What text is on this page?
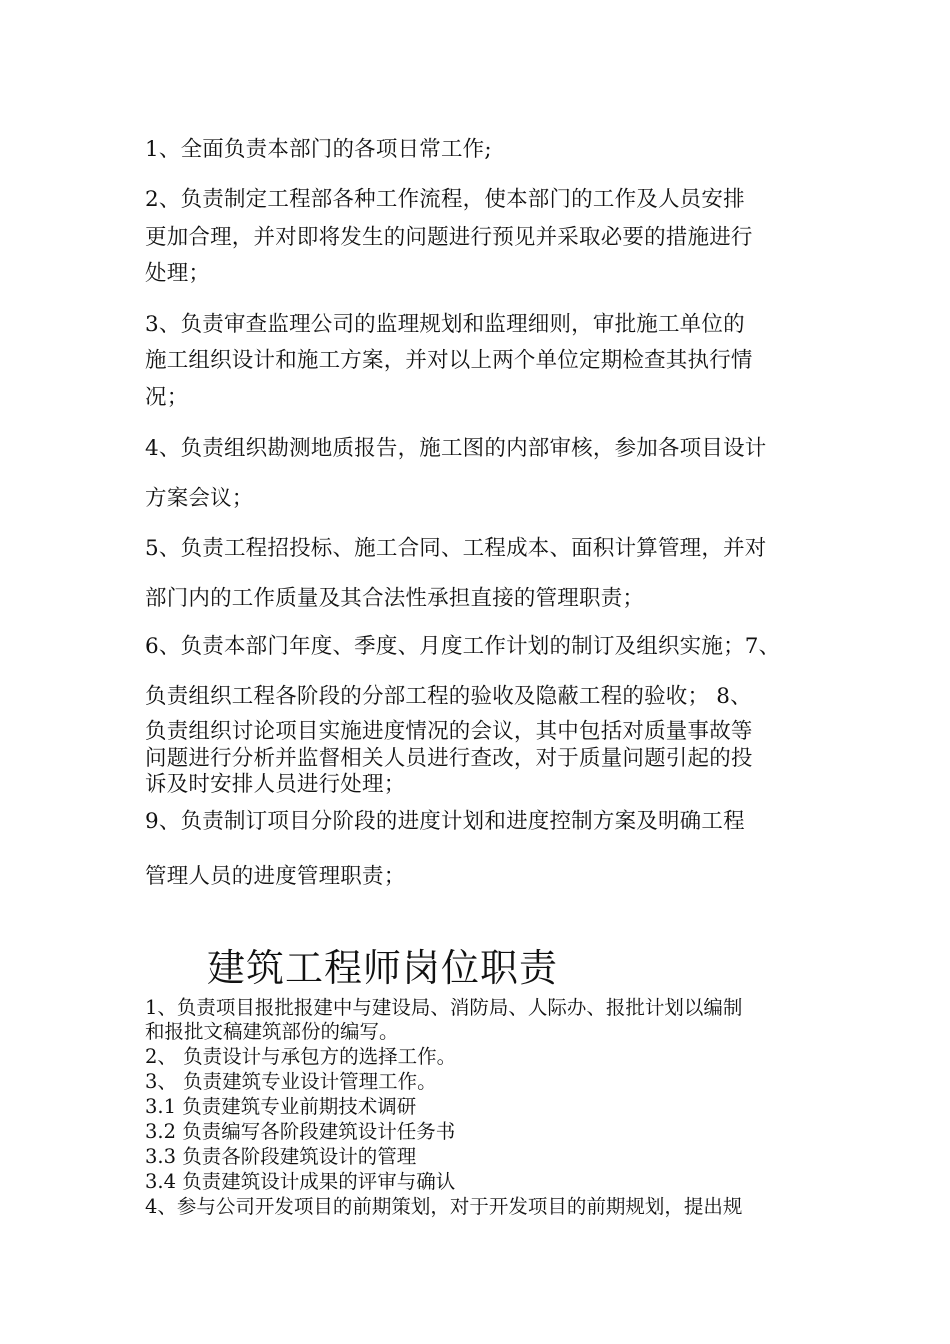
1、全面负责本部门的各项日常工作;
2、负责制定工程部各种工作流程，使本部门的工作及人员安排
更加合理，并对即将发生的问题进行预见并采取必要的措施进行
处理；
3、负责审查监理公司的监理规划和监理细则，审批施工单位的
施工组织设计和施工方案，并对以上两个单位定期检查其执行情
况；
4、负责组织勘测地质报告，施工图的内部审核，参加各项目设计
方案会议；
5、负责工程招投标、施工合同、工程成本、面积计算管理，并对
部门内的工作质量及其合法性承担直接的管理职责；
6、负责本部门年度、季度、月度工作计划的制订及组织实施；7、
负责组织工程各阶段的分部工程的验收及隐蔽工程的验收； 8、
负责组织讨论项目实施进度情况的会议，其中包括对质量事故等
问题进行分析并监督相关人员进行查改，对于质量问题引起的投
诉及时安排人员进行处理；
9、负责制订项目分阶段的进度计划和进度控制方案及明确工程
管理人员的进度管理职责；
建筑工程师岗位职责
1、负责项目报批报建中与建设局、消防局、人际办、报批计划以编制
和报批文稿建筑部份的编写。
2、 负责设计与承包方的选择工作。
3、 负责建筑专业设计管理工作。
3.1 负责建筑专业前期技术调研
3.2 负责编写各阶段建筑设计任务书
3.3 负责各阶段建筑设计的管理
3.4 负责建筑设计成果的评审与确认
4、参与公司开发项目的前期策划，对于开发项目的前期规划，提出规
